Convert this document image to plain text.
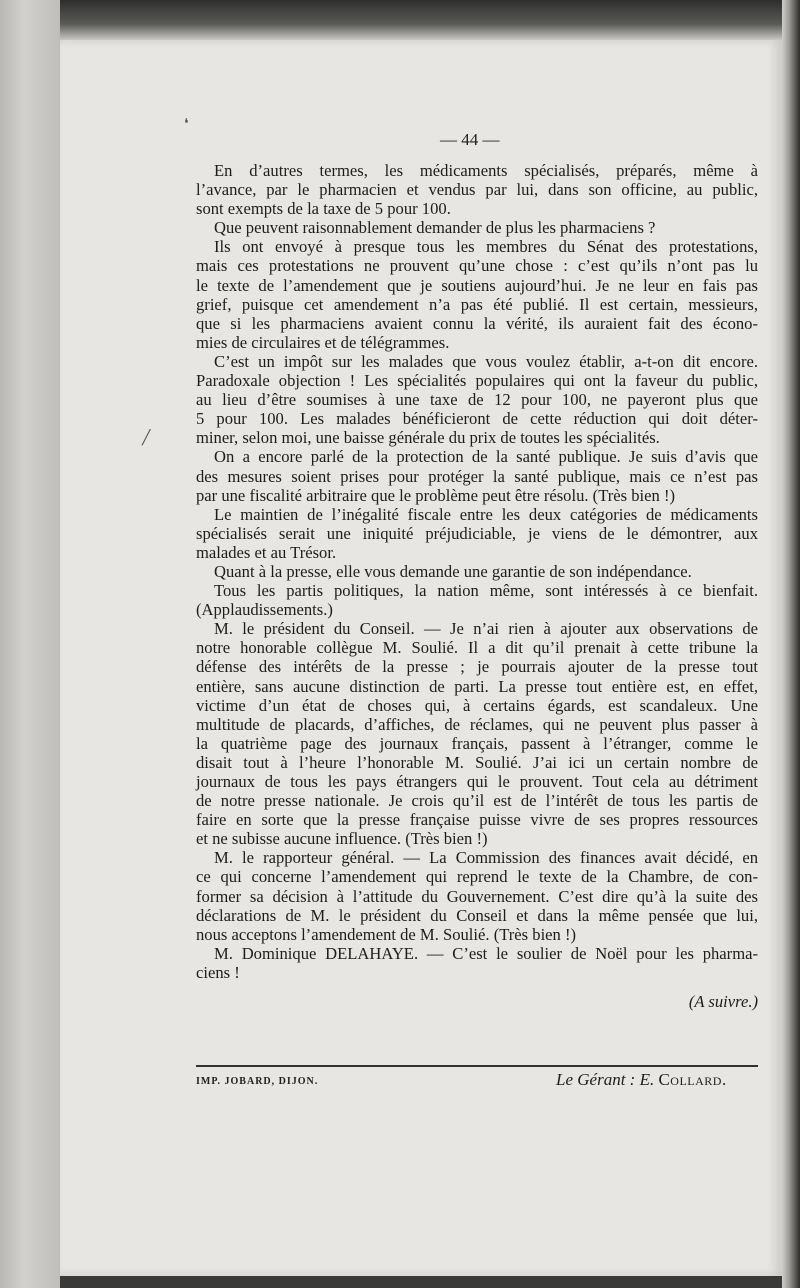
❛
╱
— 44 —
En d’autres termes, les médicaments spécialisés, préparés, même à
l’avance, par le pharmacien et vendus par lui, dans son officine, au public,
sont exempts de la taxe de 5 pour 100.
Que peuvent raisonnablement demander de plus les pharmaciens ?
Ils ont envoyé à presque tous les membres du Sénat des protestations,
mais ces protestations ne prouvent qu’une chose : c’est qu’ils n’ont pas lu
le texte de l’amendement que je soutiens aujourd’hui. Je ne leur en fais pas
grief, puisque cet amendement n’a pas été publié. Il est certain, messieurs,
que si les pharmaciens avaient connu la vérité, ils auraient fait des écono-
mies de circulaires et de télégrammes.
C’est un impôt sur les malades que vous voulez établir, a-t-on dit encore.
Paradoxale objection ! Les spécialités populaires qui ont la faveur du public,
au lieu d’être soumises à une taxe de 12 pour 100, ne payeront plus que
5 pour 100. Les malades bénéficieront de cette réduction qui doit déter-
miner, selon moi, une baisse générale du prix de toutes les spécialités.
On a encore parlé de la protection de la santé publique. Je suis d’avis que
des mesures soient prises pour protéger la santé publique, mais ce n’est pas
par une fiscalité arbitraire que le problème peut être résolu. (Très bien !)
Le maintien de l’inégalité fiscale entre les deux catégories de médicaments
spécialisés serait une iniquité préjudiciable, je viens de le démontrer, aux
malades et au Trésor.
Quant à la presse, elle vous demande une garantie de son indépendance.
Tous les partis politiques, la nation même, sont intéressés à ce bienfait.
(Applaudissements.)
M. le président du Conseil. — Je n’ai rien à ajouter aux observations de
notre honorable collègue M. Soulié. Il a dit qu’il prenait à cette tribune la
défense des intérêts de la presse ; je pourrais ajouter de la presse tout
entière, sans aucune distinction de parti. La presse tout entière est, en effet,
victime d’un état de choses qui, à certains égards, est scandaleux. Une
multitude de placards, d’affiches, de réclames, qui ne peuvent plus passer à
la quatrième page des journaux français, passent à l’étranger, comme le
disait tout à l’heure l’honorable M. Soulié. J’ai ici un certain nombre de
journaux de tous les pays étrangers qui le prouvent. Tout cela au détriment
de notre presse nationale. Je crois qu’il est de l’intérêt de tous les partis de
faire en sorte que la presse française puisse vivre de ses propres ressources
et ne subisse aucune influence. (Très bien !)
M. le rapporteur général. — La Commission des finances avait décidé, en
ce qui concerne l’amendement qui reprend le texte de la Chambre, de con-
former sa décision à l’attitude du Gouvernement. C’est dire qu’à la suite des
déclarations de M. le président du Conseil et dans la même pensée que lui,
nous acceptons l’amendement de M. Soulié. (Très bien !)
M. Dominique DELAHAYE. — C’est le soulier de Noël pour les pharma-
ciens !
(A suivre.)
IMP. JOBARD, DIJON.	Le Gérant : E. Collard.
